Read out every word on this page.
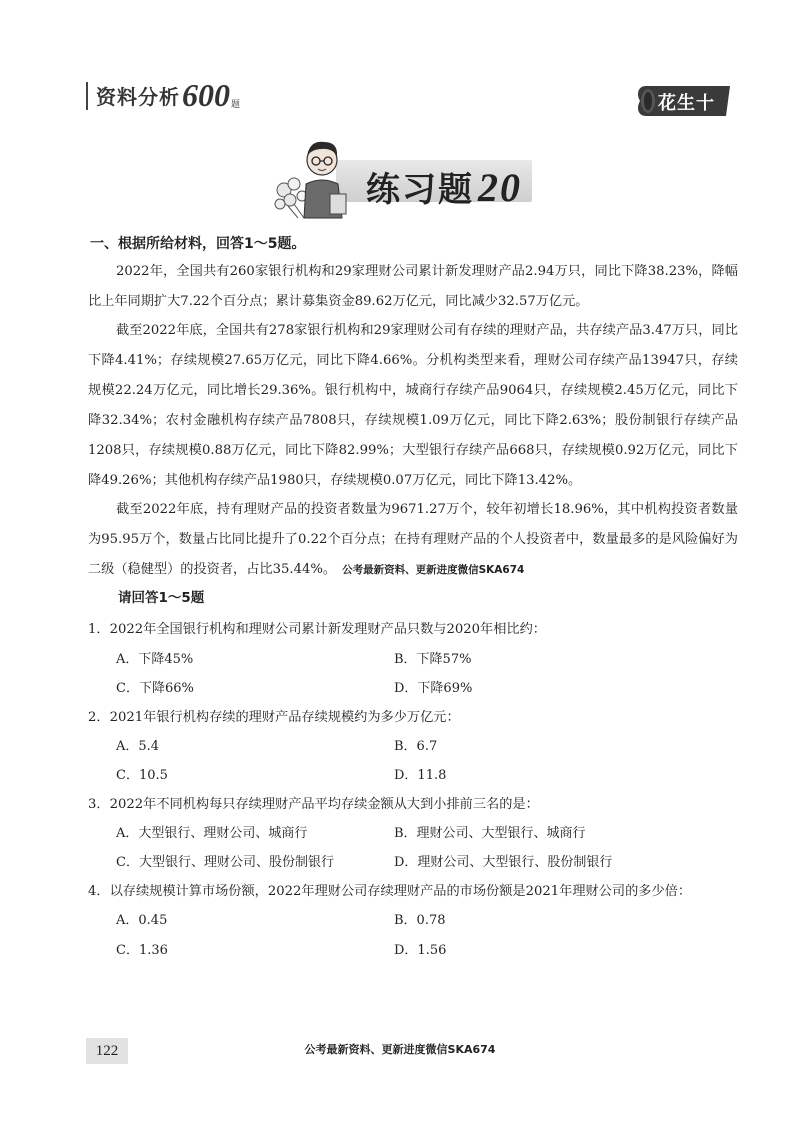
资料分析 600 题	花生十三
练习题 20
一、根据所给材料，回答1～5题。
2022年，全国共有260家银行机构和29家理财公司累计新发理财产品2.94万只，同比下降38.23%，降幅比上年同期扩大7.22个百分点；累计募集资金89.62万亿元，同比减少32.57万亿元。
截至2022年底，全国共有278家银行机构和29家理财公司有存续的理财产品，共存续产品3.47万只，同比下降4.41%；存续规模27.65万亿元，同比下降4.66%。分机构类型来看，理财公司存续产品13947只，存续规模22.24万亿元，同比增长29.36%。银行机构中，城商行存续产品9064只，存续规模2.45万亿元，同比下降32.34%；农村金融机构存续产品7808只，存续规模1.09万亿元，同比下降2.63%；股份制银行存续产品1208只，存续规模0.88万亿元，同比下降82.99%；大型银行存续产品668只，存续规模0.92万亿元，同比下降49.26%；其他机构存续产品1980只，存续规模0.07万亿元，同比下降13.42%。
截至2022年底，持有理财产品的投资者数量为9671.27万个，较年初增长18.96%，其中机构投资者数量为95.95万个，数量占比同比提升了0.22个百分点；在持有理财产品的个人投资者中，数量最多的是风险偏好为二级（稳健型）的投资者，占比35.44%。 公考最新资料、更新进度微信SKA674
请回答1～5题
1．2022年全国银行机构和理财公司累计新发理财产品只数与2020年相比约：
A．下降45%	B．下降57%
C．下降66%	D．下降69%
2．2021年银行机构存续的理财产品存续规模约为多少万亿元：
A．5.4	B．6.7
C．10.5	D．11.8
3．2022年不同机构每只存续理财产品平均存续金额从大到小排前三名的是：
A．大型银行、理财公司、城商行	B．理财公司、大型银行、城商行
C．大型银行、理财公司、股份制银行	D．理财公司、大型银行、股份制银行
4．以存续规模计算市场份额，2022年理财公司存续理财产品的市场份额是2021年理财公司的多少倍：
A．0.45	B．0.78
C．1.36	D．1.56
122	公考最新资料、更新进度微信SKA674
